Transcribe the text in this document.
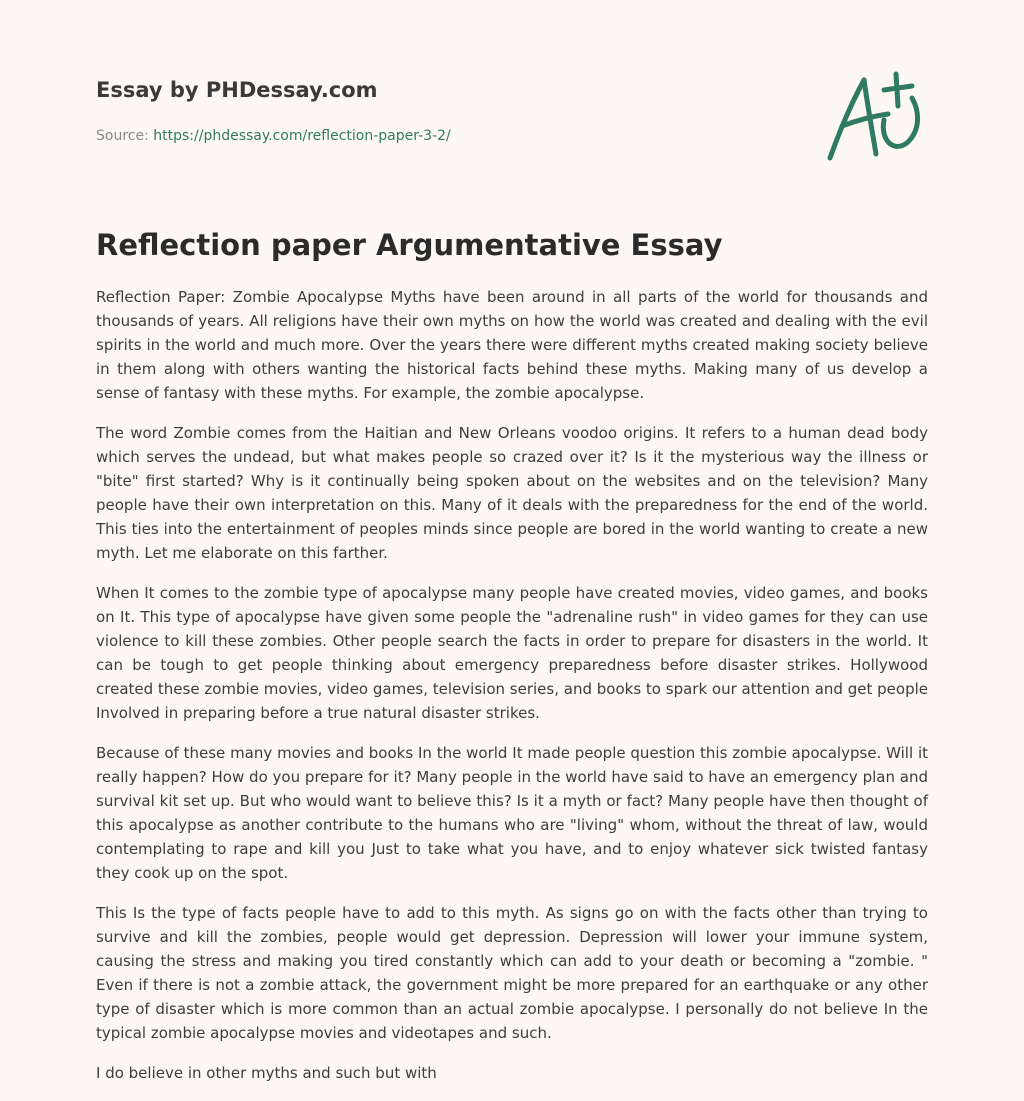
Essay by PHDessay.com
Source: https://phdessay.com/reflection-paper-3-2/
Reflection paper Argumentative Essay

Reflection Paper: Zombie Apocalypse Myths have been around in all parts of the world for thousands and thousands of years. All religions have their own myths on how the world was created and dealing with the evil spirits in the world and much more. Over the years there were different myths created making society believe in them along with others wanting the historical facts behind these myths. Making many of us develop a sense of fantasy with these myths. For example, the zombie apocalypse.

The word Zombie comes from the Haitian and New Orleans voodoo origins. It refers to a human dead body which serves the undead, but what makes people so crazed over it? Is it the mysterious way the illness or "bite" first started? Why is it continually being spoken about on the websites and on the television? Many people have their own interpretation on this. Many of it deals with the preparedness for the end of the world. This ties into the entertainment of peoples minds since people are bored in the world wanting to create a new myth. Let me elaborate on this farther.

When It comes to the zombie type of apocalypse many people have created movies, video games, and books on It. This type of apocalypse have given some people the "adrenaline rush" in video games for they can use violence to kill these zombies. Other people search the facts in order to prepare for disasters in the world. It can be tough to get people thinking about emergency preparedness before disaster strikes. Hollywood created these zombie movies, video games, television series, and books to spark our attention and get people Involved in preparing before a true natural disaster strikes.

Because of these many movies and books In the world It made people question this zombie apocalypse. Will it really happen? How do you prepare for it? Many people in the world have said to have an emergency plan and survival kit set up. But who would want to believe this? Is it a myth or fact? Many people have then thought of this apocalypse as another contribute to the humans who are "living" whom, without the threat of law, would contemplating to rape and kill you Just to take what you have, and to enjoy whatever sick twisted fantasy they cook up on the spot.

This Is the type of facts people have to add to this myth. As signs go on with the facts other than trying to survive and kill the zombies, people would get depression. Depression will lower your immune system, causing the stress and making you tired constantly which can add to your death or becoming a "zombie. " Even if there is not a zombie attack, the government might be more prepared for an earthquake or any other type of disaster which is more common than an actual zombie apocalypse. I personally do not believe In the typical zombie apocalypse movies and videotapes and such.

I do believe in other myths and such but with
